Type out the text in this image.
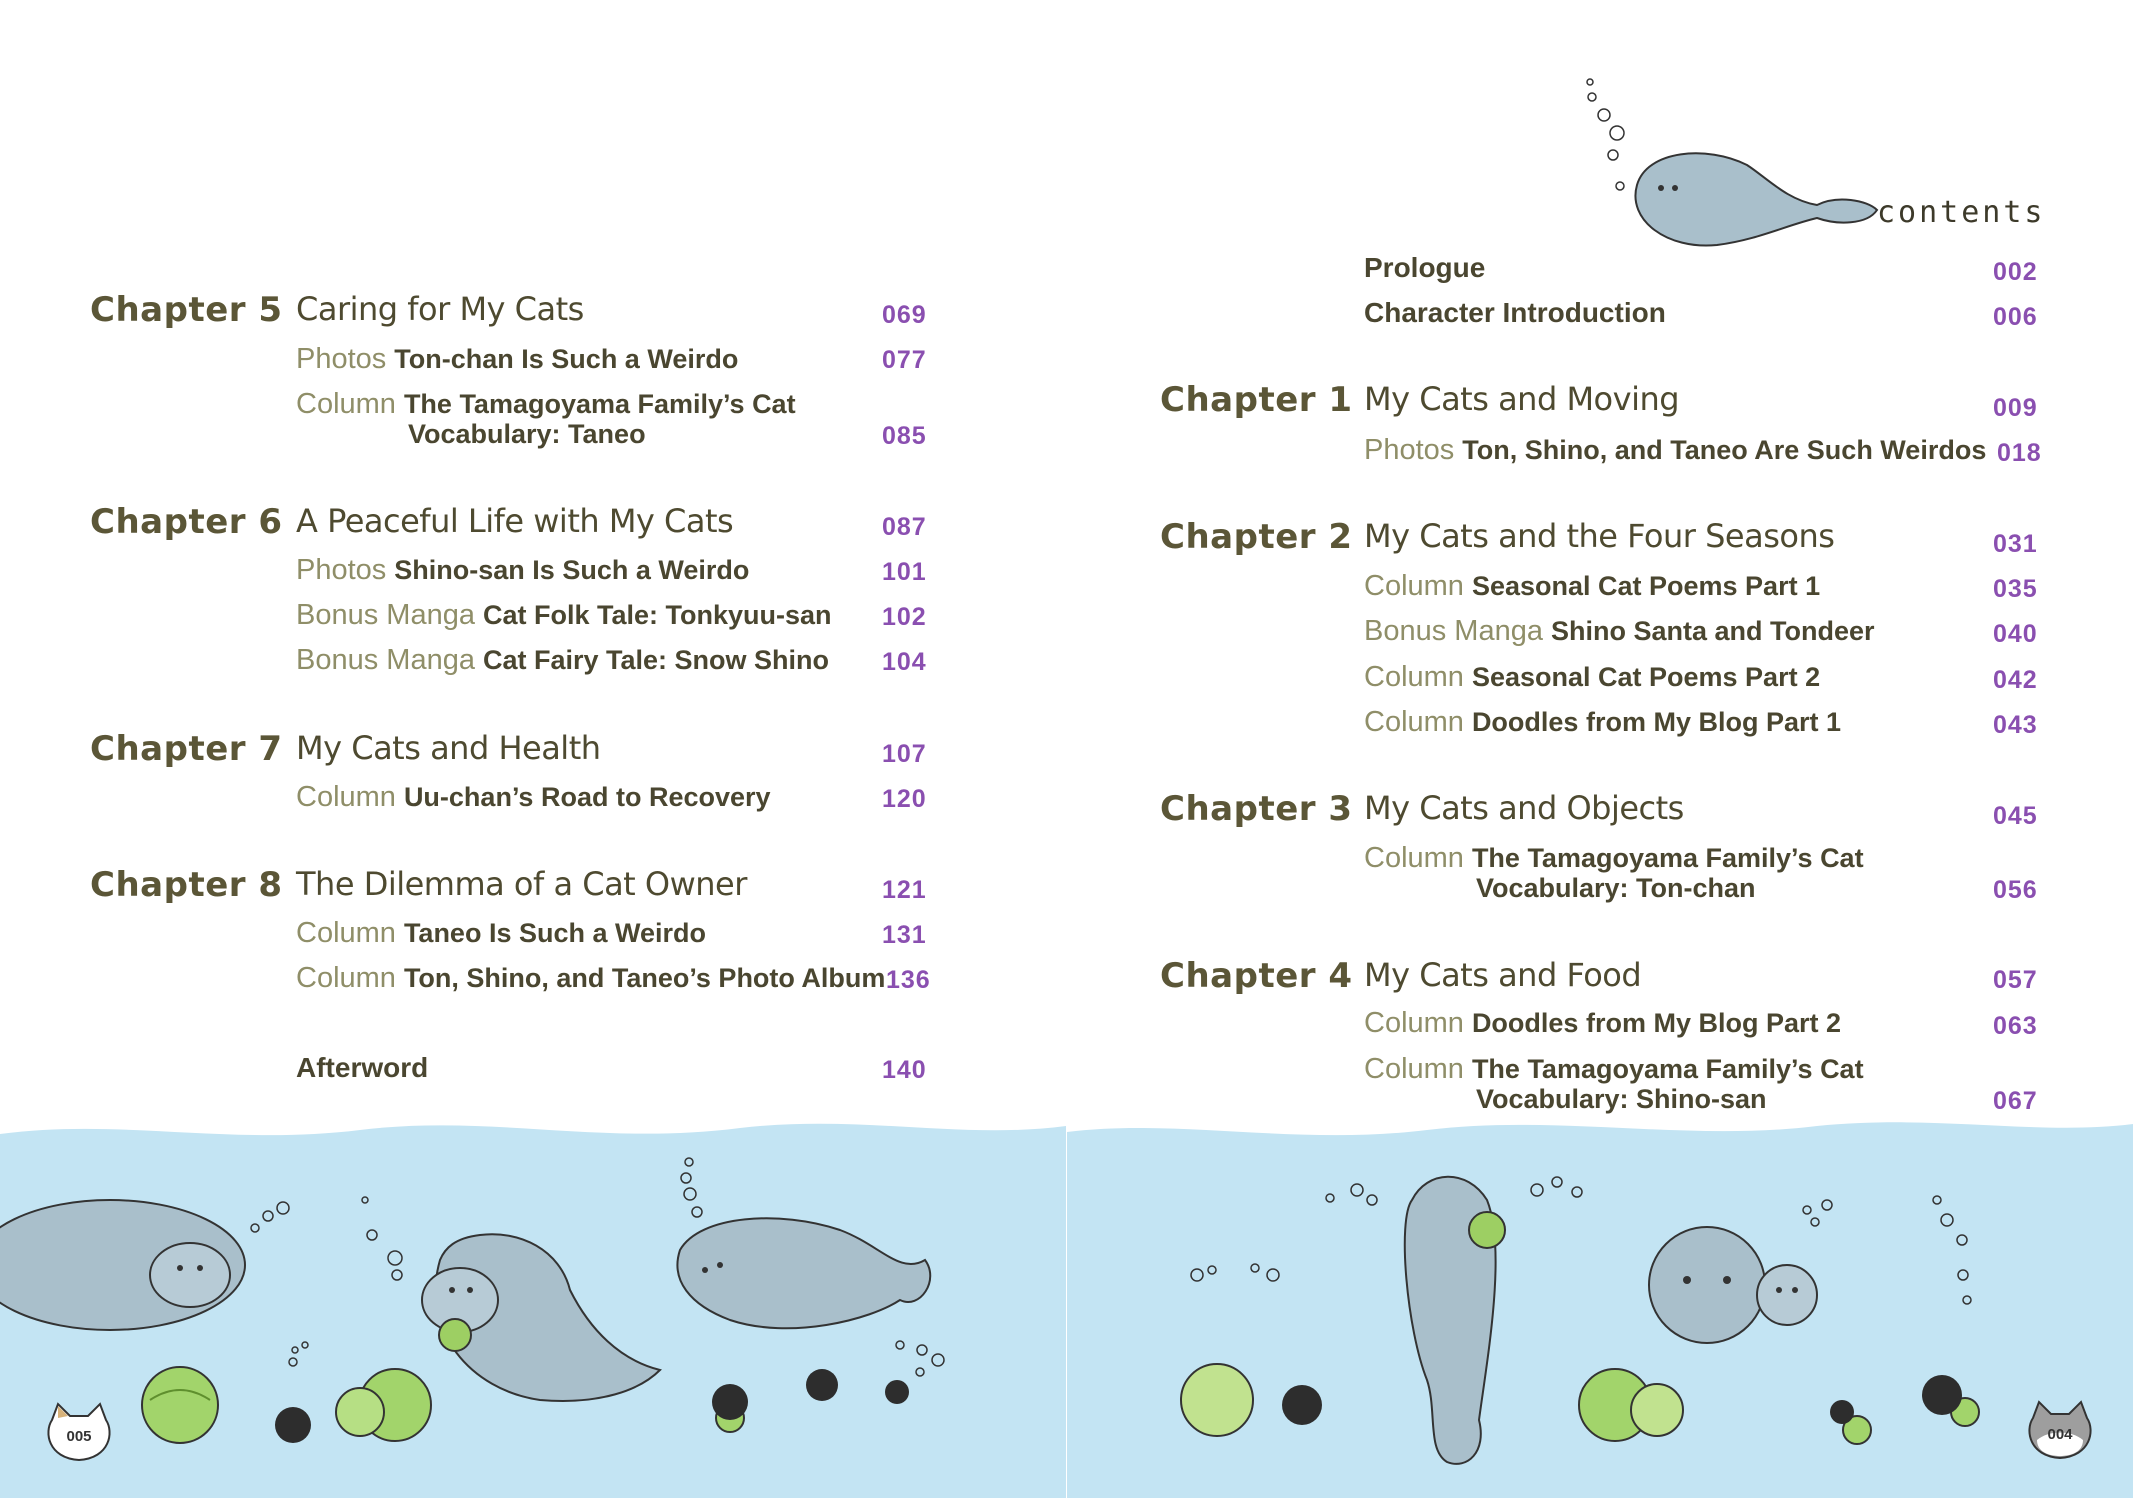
Chapter 5 Caring for My Cats	069
Photos Ton-chan Is Such a Weirdo	077
Column The Tamagoyama Family’s Cat
Vocabulary: Taneo	085
Chapter 6 A Peaceful Life with My Cats	087
Photos Shino-san Is Such a Weirdo	101
Bonus Manga Cat Folk Tale: Tonkyuu-san 102
Bonus Manga Cat Fairy Tale: Snow Shino 104
Chapter 7 My Cats and Health	107
Column Uu-chan’s Road to Recovery	120
Chapter 8 The Dilemma of a Cat Owner	121
Column Taneo Is Such a Weirdo	131
Column Ton, Shino, and Taneo’s Photo Album 136
Afterword	140
005
contents
Prologue	002
Character Introduction	006
Chapter 1 My Cats and Moving	009
Photos Ton, Shino, and Taneo Are Such Weirdos 018
Chapter 2 My Cats and the Four Seasons	031
Column Seasonal Cat Poems Part 1	035
Bonus Manga Shino Santa and Tondeer	040
Column Seasonal Cat Poems Part 2	042
Column Doodles from My Blog Part 1	043
Chapter 3 My Cats and Objects	045
Column The Tamagoyama Family’s Cat
Vocabulary: Ton-chan	056
Chapter 4 My Cats and Food	057
Column Doodles from My Blog Part 2	063
Column The Tamagoyama Family’s Cat
Vocabulary: Shino-san	067
004
